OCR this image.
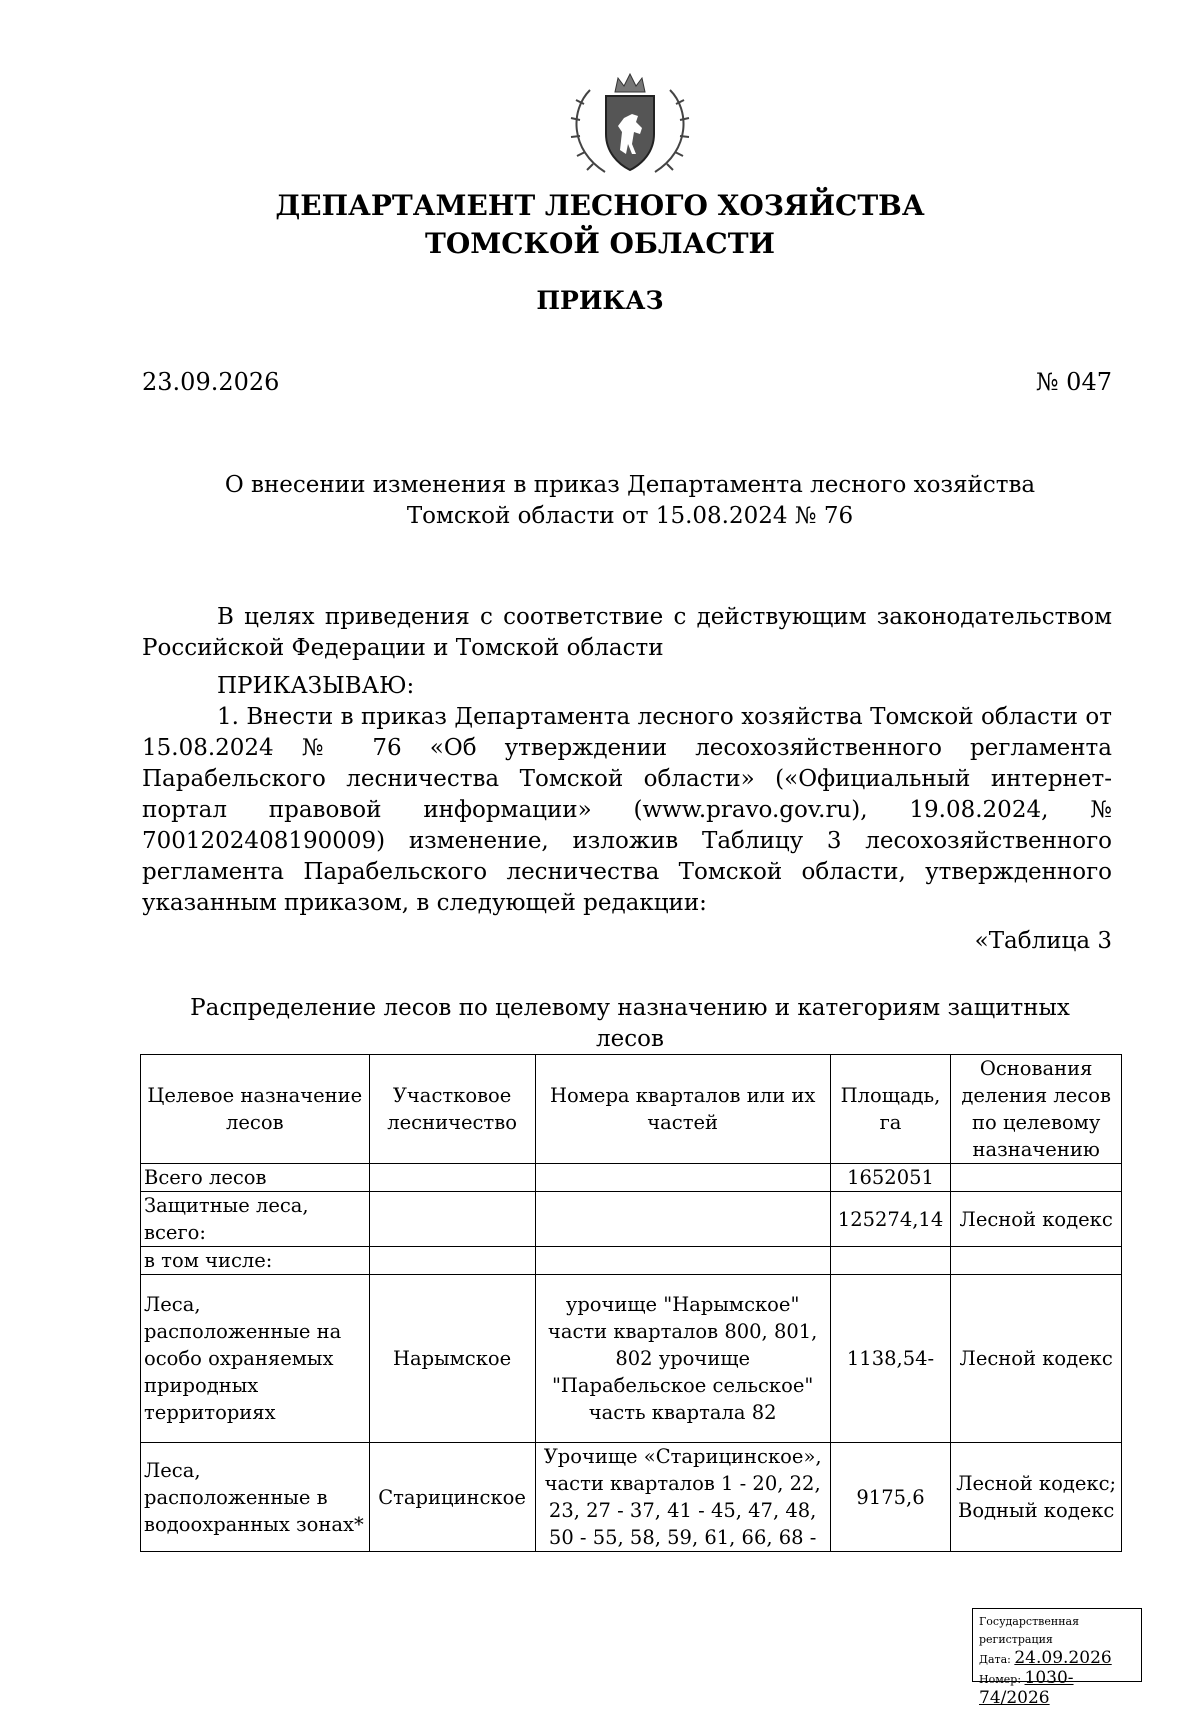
ДЕПАРТАМЕНТ ЛЕСНОГО ХОЗЯЙСТВА
ТОМСКОЙ ОБЛАСТИ
ПРИКАЗ
23.09.2026	№ 047
О внесении изменения в приказ Департамента лесного хозяйства Томской области от 15.08.2024 № 76
В целях приведения с соответствие с действующим законодательством Российской Федерации и Томской области
ПРИКАЗЫВАЮ:
1. Внести в приказ Департамента лесного хозяйства Томской области от 15.08.2024 № 76 «Об утверждении лесохозяйственного регламента Парабельского лесничества Томской области» («Официальный интернет-портал правовой информации» (www.pravo.gov.ru), 19.08.2024, № 7001202408190009) изменение, изложив Таблицу 3 лесохозяйственного регламента Парабельского лесничества Томской области, утвержденного указанным приказом, в следующей редакции:
«Таблица 3
Распределение лесов по целевому назначению и категориям защитных лесов
Целевое назначение лесов	Участковое лесничество	Номера кварталов или их частей	Площадь, га	Основания деления лесов по целевому назначению
Всего лесов			1652051	
Защитные леса, всего:			125274,14	Лесной кодекс
в том числе:				
Леса, расположенные на особо охраняемых природных территориях	Нарымское	урочище "Нарымское" части кварталов 800, 801, 802 урочище "Парабельское сельское" часть квартала 82	1138,54-	Лесной кодекс
Леса, расположенные в водоохранных зонах*	Старицинское	Урочище «Старицинское», части кварталов 1 - 20, 22, 23, 27 - 37, 41 - 45, 47, 48, 50 - 55, 58, 59, 61, 66, 68 -	9175,6	Лесной кодекс; Водный кодекс
Государственная регистрация
Дата: 24.09.2026
Номер: 1030-74/2026
